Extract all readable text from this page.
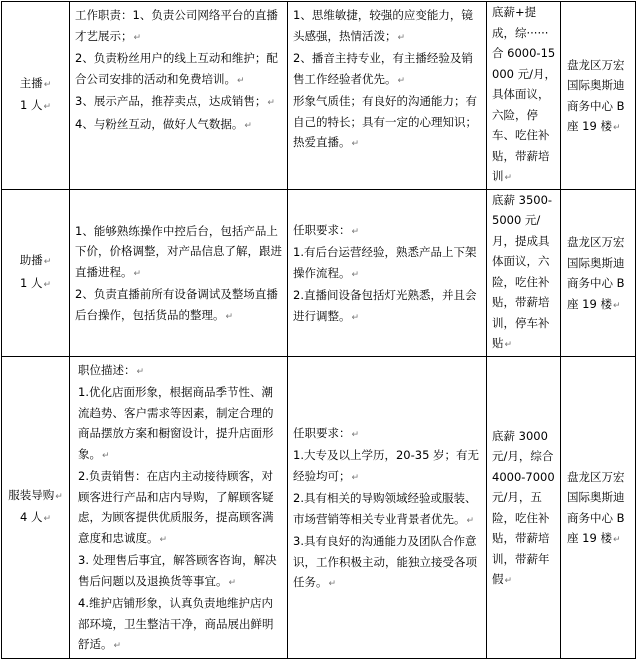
主播↵
1 人↵	工作职责：1、负责公司网络平台的直播才艺展示；↵
2、负责粉丝用户的线上互动和维护；配合公司安排的活动和免费培训。↵
3、展示产品，推荐卖点，达成销售；↵
4、与粉丝互动，做好人气数据。↵	1、思维敏捷，较强的应变能力，镜头感强，热情活泼；↵
2、播音主持专业，有主播经验及销售工作经验者优先。↵
形象气质佳；有良好的沟通能力；有自己的特长；具有一定的心理知识；热爱直播。↵	底薪+提成，综······合 6000-15000 元/月，具体面议，六险，停车、吃住补贴，带薪培训↵	盘龙区万宏国际奥斯迪商务中心 B 座 19 楼↵

助播↵
1 人↵	1、能够熟练操作中控后台，包括产品上下价，价格调整，对产品信息了解，跟进直播进程。↵
2、负责直播前所有设备调试及整场直播后台操作，包括货品的整理。↵	任职要求：↵
1.有后台运营经验，熟悉产品上下架操作流程。↵
2.直播间设备包括灯光熟悉，并且会进行调整。↵	底薪 3500-5000 元/月，提成具体面议，六险，吃住补贴，带薪培训，停车补贴↵	盘龙区万宏国际奥斯迪商务中心 B 座 19 楼↵

服装导购↵
4 人↵	职位描述：↵
1.优化店面形象，根据商品季节性、潮流趋势、客户需求等因素，制定合理的商品摆放方案和橱窗设计，提升店面形象。↵
2.负责销售：在店内主动接待顾客，对顾客进行产品和店内导购，了解顾客疑虑，为顾客提供优质服务，提高顾客满意度和忠诚度。↵
3. 处理售后事宜，解答顾客咨询，解决售后问题以及退换货等事宜。↵
4.维护店铺形象，认真负责地维护店内部环境，卫生整洁干净，商品展出鲜明舒适。↵	任职要求：↵
1.大专及以上学历，20-35 岁；有无经验均可；↵
2.具有相关的导购领域经验或服装、市场营销等相关专业背景者优先。↵
3.具有良好的沟通能力及团队合作意识，工作积极主动，能独立接受各项任务。↵	底薪 3000 元/月，综合 4000-7000 元/月，五险，吃住补贴，带薪培训，带薪年假↵	盘龙区万宏国际奥斯迪商务中心 B 座 19 楼↵
